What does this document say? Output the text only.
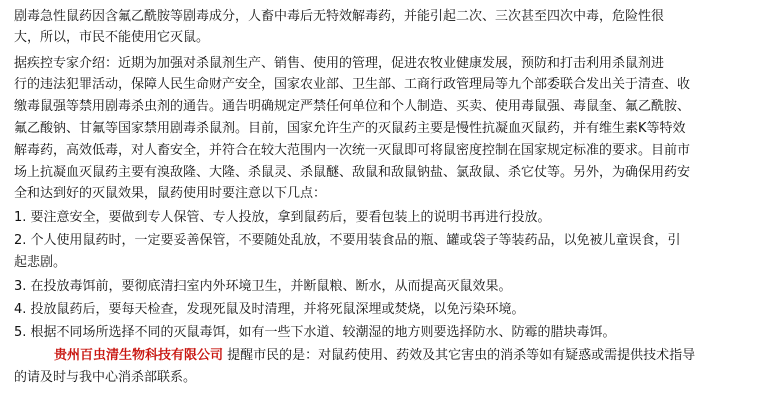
剧毒急性鼠药因含氟乙酰胺等剧毒成分，人畜中毒后无特效解毒药，并能引起二次、三次甚至四次中毒，危险性很
大，所以，市民不能使用它灭鼠。
据疾控专家介绍：近期为加强对杀鼠剂生产、销售、使用的管理，促进农牧业健康发展，预防和打击利用杀鼠剂进
行的违法犯罪活动，保障人民生命财产安全，国家农业部、卫生部、工商行政管理局等九个部委联合发出关于清查、收
缴毒鼠强等禁用剧毒杀虫剂的通告。通告明确规定严禁任何单位和个人制造、买卖、使用毒鼠强、毒鼠奎、氟乙酰胺、
氟乙酸钠、甘氟等国家禁用剧毒杀鼠剂。目前，国家允许生产的灭鼠药主要是慢性抗凝血灭鼠药，并有维生素K等特效
解毒药，高效低毒，对人畜安全，并符合在较大范围内一次统一灭鼠即可将鼠密度控制在国家规定标准的要求。目前市
场上抗凝血灭鼠药主要有溴敌隆、大隆、杀鼠灵、杀鼠醚、敌鼠和敌鼠钠盐、氯敌鼠、杀它仗等。另外，为确保用药安
全和达到好的灭鼠效果，鼠药使用时要注意以下几点：
1. 要注意安全，要做到专人保管、专人投放，拿到鼠药后，要看包装上的说明书再进行投放。
2. 个人使用鼠药时，一定要妥善保管，不要随处乱放，不要用装食品的瓶、罐或袋子等装药品，以免被儿童误食，引
起悲剧。
3. 在投放毒饵前，要彻底清扫室内外环境卫生，并断鼠粮、断水，从而提高灭鼠效果。
4. 投放鼠药后，要每天检查，发现死鼠及时清理，并将死鼠深埋或焚烧，以免污染环境。
5. 根据不同场所选择不同的灭鼠毒饵，如有一些下水道、较潮湿的地方则要选择防水、防霉的腊块毒饵。
贵州百虫清生物科技有限公司 提醒市民的是：对鼠药使用、药效及其它害虫的消杀等如有疑惑或需提供技术指导
的请及时与我中心消杀部联系。
